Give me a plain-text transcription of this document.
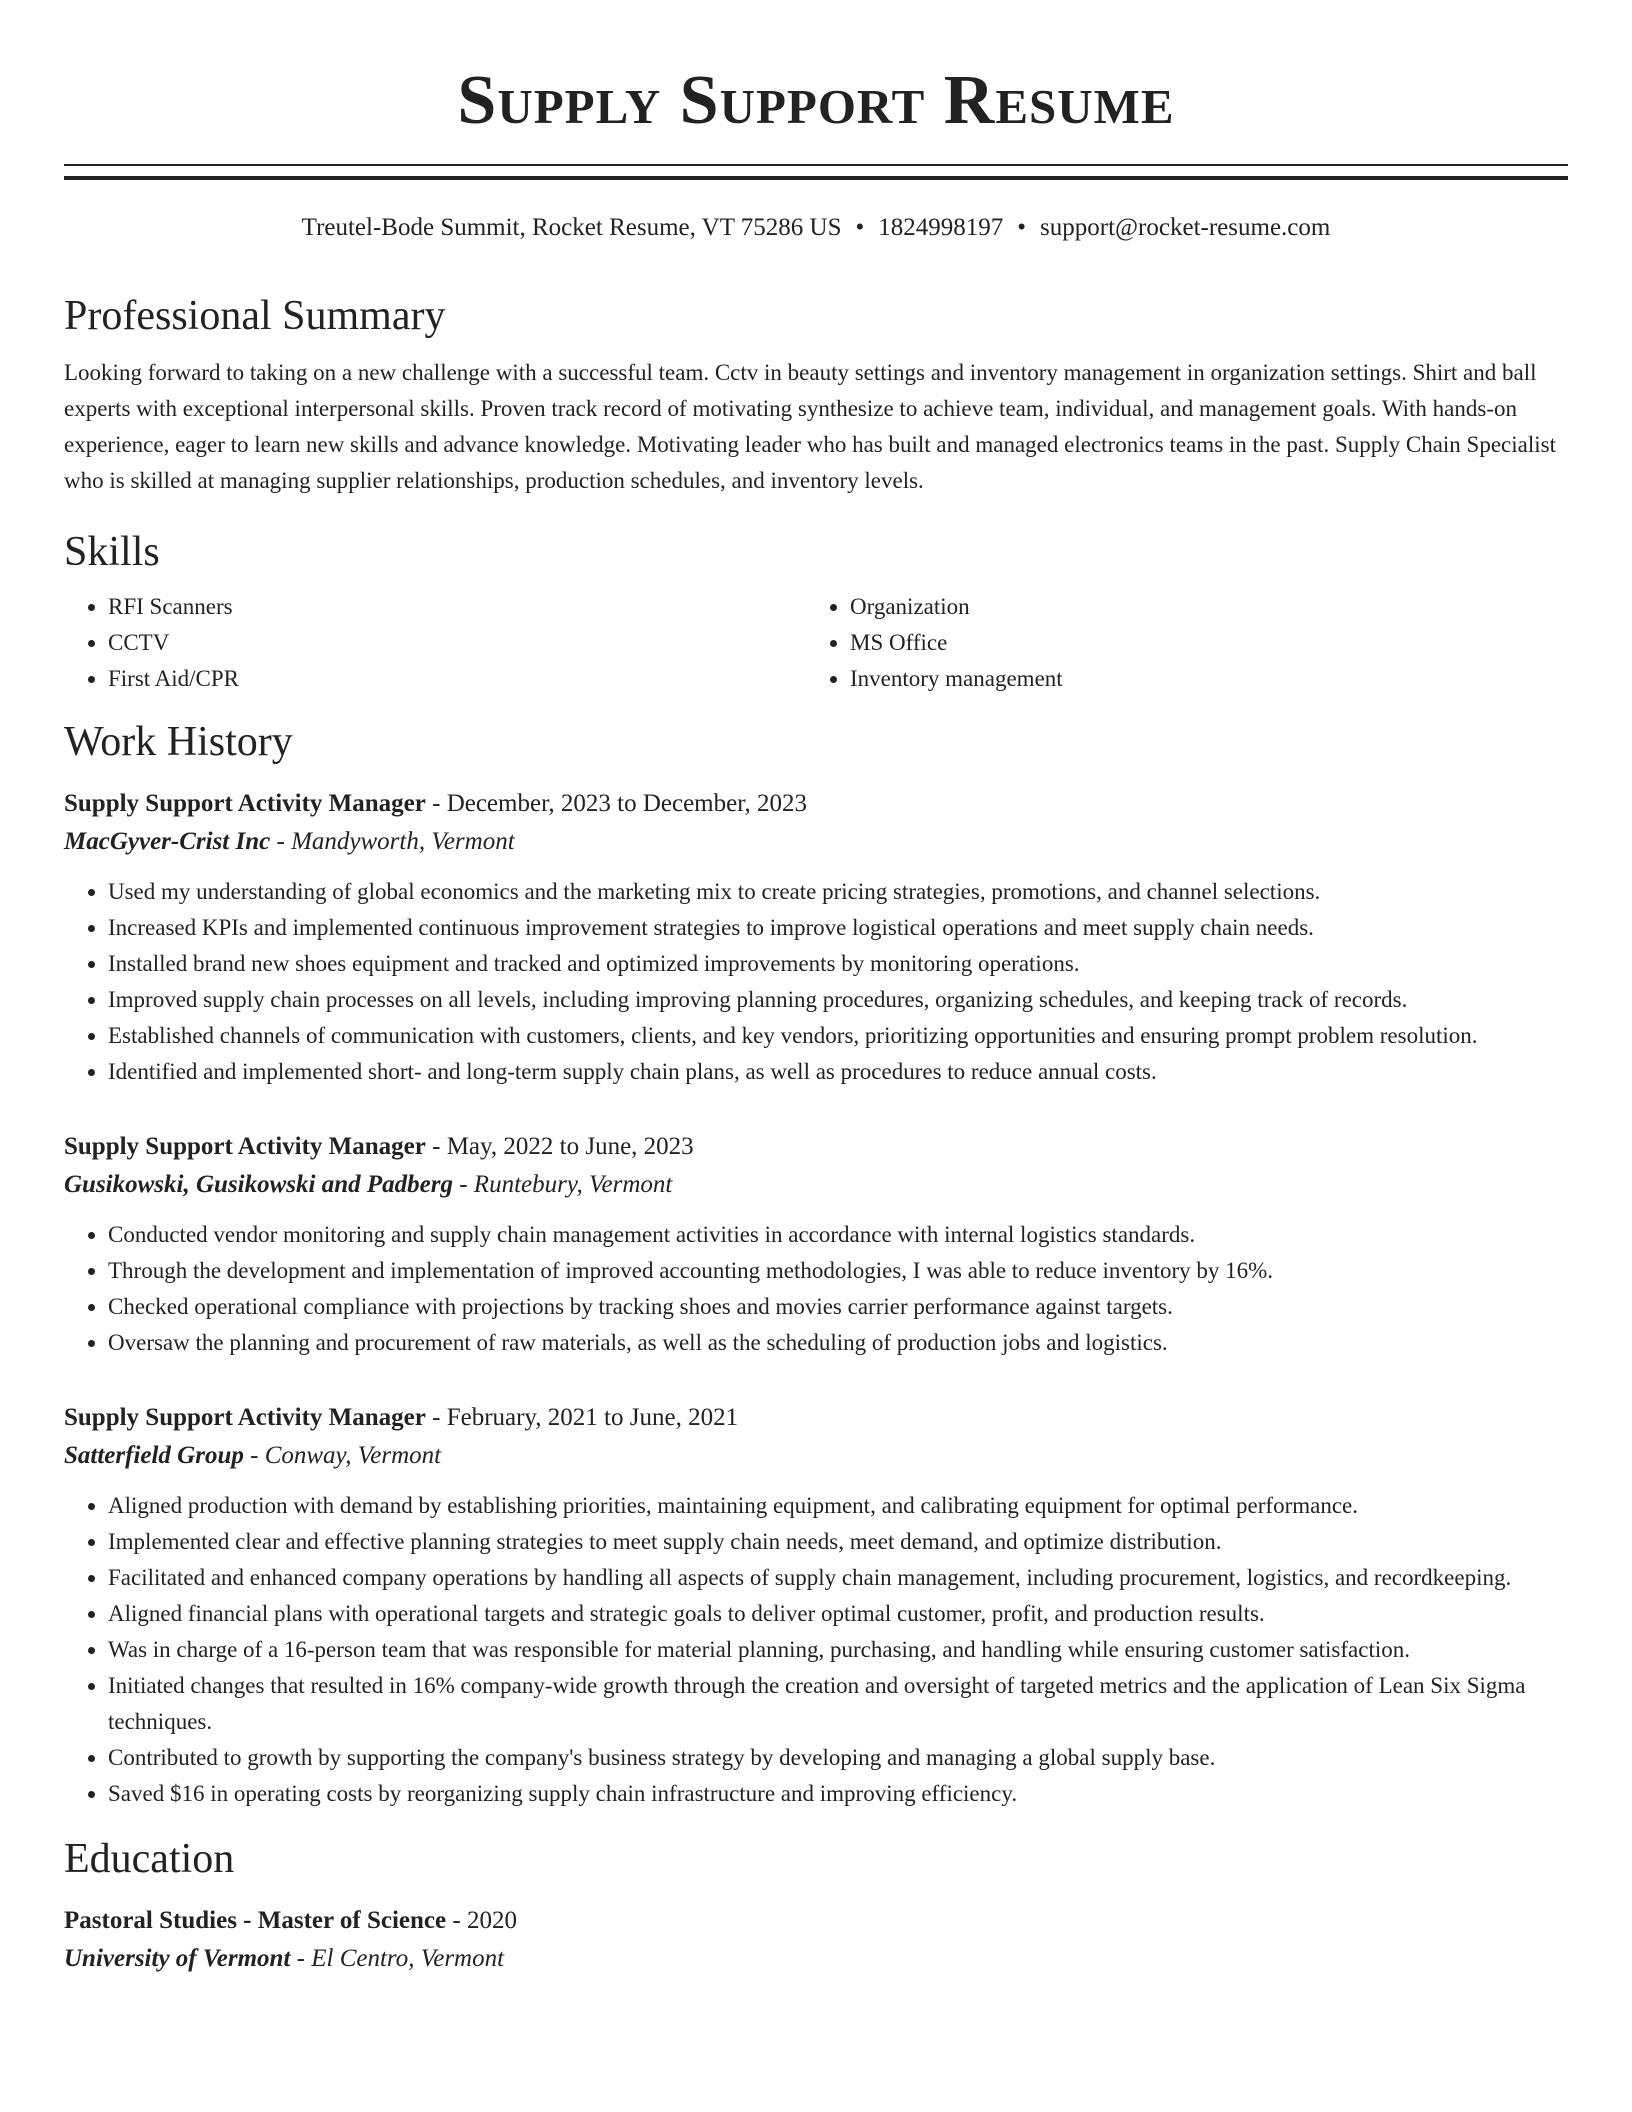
Supply Support Resume
Treutel-Bode Summit, Rocket Resume, VT 75286 US • 1824998197 • support@rocket-resume.com
Professional Summary

Looking forward to taking on a new challenge with a successful team. Cctv in beauty settings and inventory management in organization settings. Shirt and ball experts with exceptional interpersonal skills. Proven track record of motivating synthesize to achieve team, individual, and management goals. With hands-on experience, eager to learn new skills and advance knowledge. Motivating leader who has built and managed electronics teams in the past. Supply Chain Specialist who is skilled at managing supplier relationships, production schedules, and inventory levels.

Skills
• RFI Scanners
• CCTV
• First Aid/CPR
• Organization
• MS Office
• Inventory management
Work History
Supply Support Activity Manager - December, 2023 to December, 2023
MacGyver-Crist Inc - Mandyworth, Vermont
• Used my understanding of global economics and the marketing mix to create pricing strategies, promotions, and channel selections.
• Increased KPIs and implemented continuous improvement strategies to improve logistical operations and meet supply chain needs.
• Installed brand new shoes equipment and tracked and optimized improvements by monitoring operations.
• Improved supply chain processes on all levels, including improving planning procedures, organizing schedules, and keeping track of records.
• Established channels of communication with customers, clients, and key vendors, prioritizing opportunities and ensuring prompt problem resolution.
• Identified and implemented short- and long-term supply chain plans, as well as procedures to reduce annual costs.
Supply Support Activity Manager - May, 2022 to June, 2023
Gusikowski, Gusikowski and Padberg - Runtebury, Vermont
• Conducted vendor monitoring and supply chain management activities in accordance with internal logistics standards.
• Through the development and implementation of improved accounting methodologies, I was able to reduce inventory by 16%.
• Checked operational compliance with projections by tracking shoes and movies carrier performance against targets.
• Oversaw the planning and procurement of raw materials, as well as the scheduling of production jobs and logistics.
Supply Support Activity Manager - February, 2021 to June, 2021
Satterfield Group - Conway, Vermont
• Aligned production with demand by establishing priorities, maintaining equipment, and calibrating equipment for optimal performance.
• Implemented clear and effective planning strategies to meet supply chain needs, meet demand, and optimize distribution.
• Facilitated and enhanced company operations by handling all aspects of supply chain management, including procurement, logistics, and recordkeeping.
• Aligned financial plans with operational targets and strategic goals to deliver optimal customer, profit, and production results.
• Was in charge of a 16-person team that was responsible for material planning, purchasing, and handling while ensuring customer satisfaction.
• Initiated changes that resulted in 16% company-wide growth through the creation and oversight of targeted metrics and the application of Lean Six Sigma techniques.
• Contributed to growth by supporting the company's business strategy by developing and managing a global supply base.
• Saved $16 in operating costs by reorganizing supply chain infrastructure and improving efficiency.
Education
Pastoral Studies - Master of Science - 2020
University of Vermont - El Centro, Vermont
